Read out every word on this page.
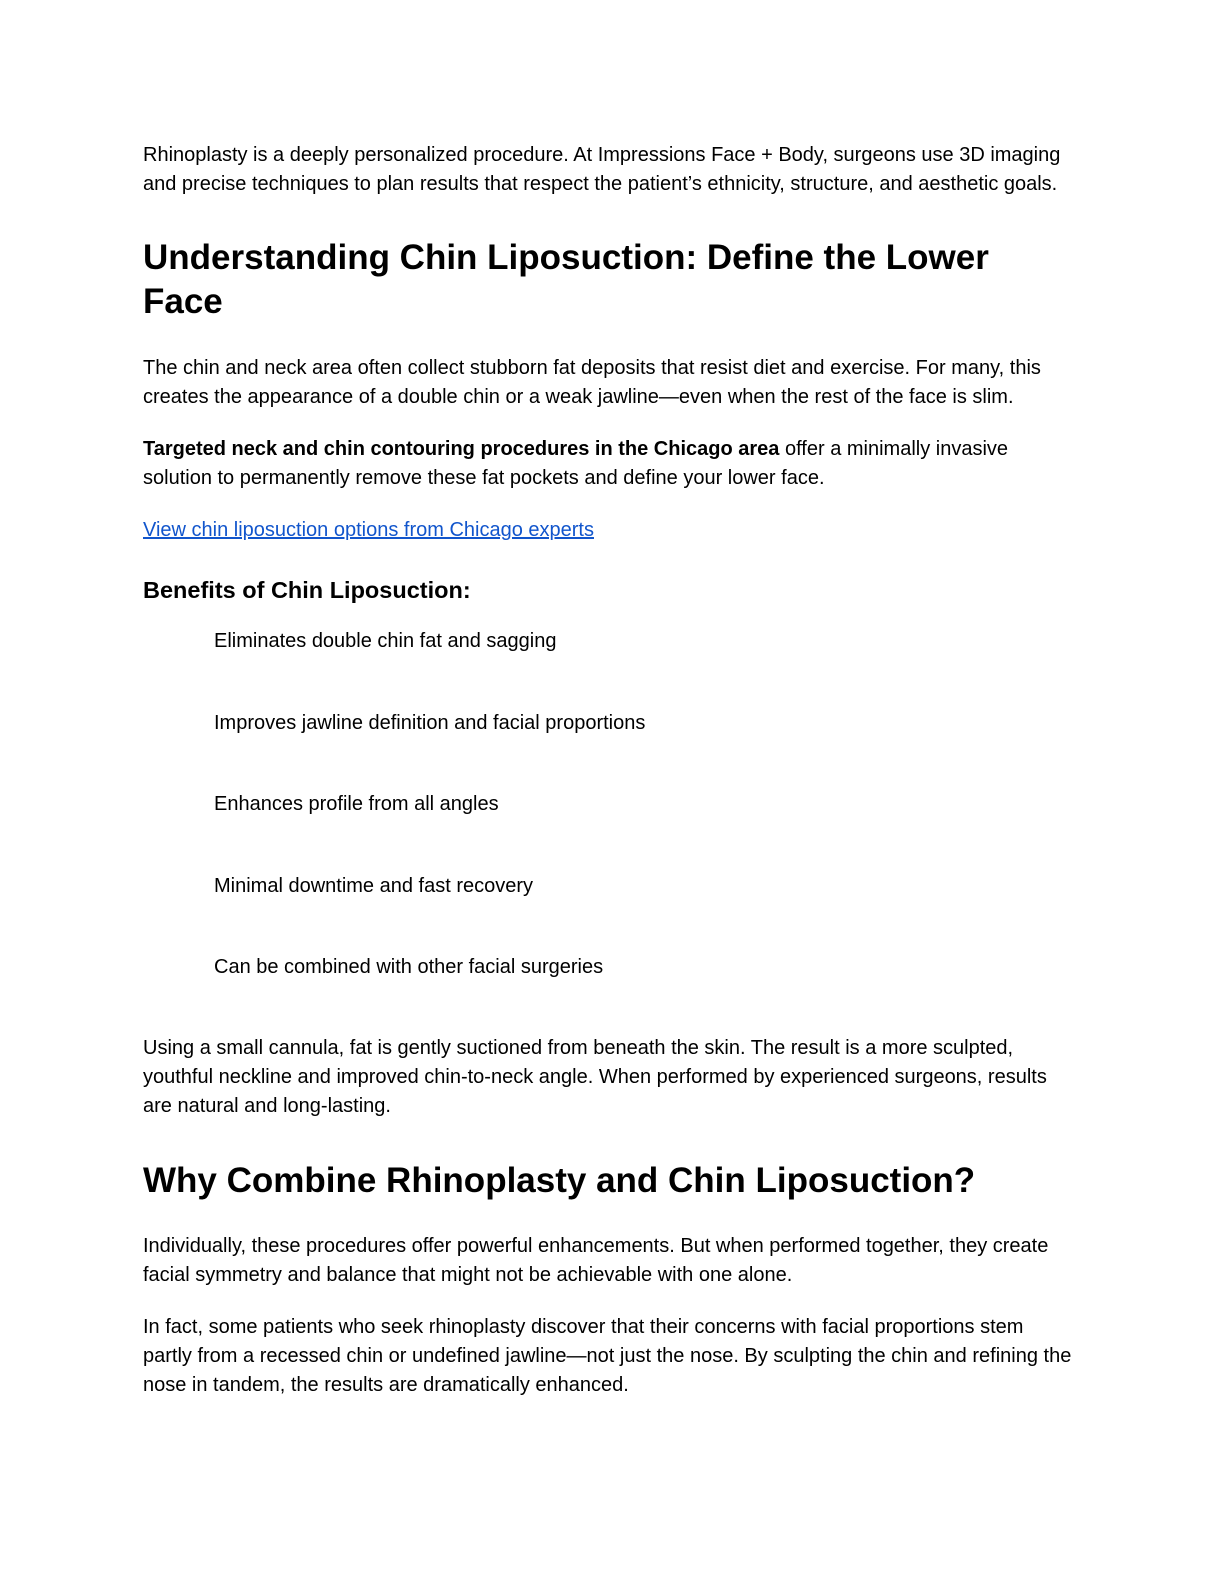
Rhinoplasty is a deeply personalized procedure. At Impressions Face + Body, surgeons use 3D imaging and precise techniques to plan results that respect the patient’s ethnicity, structure, and aesthetic goals.

Understanding Chin Liposuction: Define the Lower Face

The chin and neck area often collect stubborn fat deposits that resist diet and exercise. For many, this creates the appearance of a double chin or a weak jawline—even when the rest of the face is slim.

Targeted neck and chin contouring procedures in the Chicago area offer a minimally invasive solution to permanently remove these fat pockets and define your lower face.

View chin liposuction options from Chicago experts

Benefits of Chin Liposuction:
Eliminates double chin fat and sagging
Improves jawline definition and facial proportions
Enhances profile from all angles
Minimal downtime and fast recovery
Can be combined with other facial surgeries

Using a small cannula, fat is gently suctioned from beneath the skin. The result is a more sculpted, youthful neckline and improved chin-to-neck angle. When performed by experienced surgeons, results are natural and long-lasting.

Why Combine Rhinoplasty and Chin Liposuction?

Individually, these procedures offer powerful enhancements. But when performed together, they create facial symmetry and balance that might not be achievable with one alone.

In fact, some patients who seek rhinoplasty discover that their concerns with facial proportions stem partly from a recessed chin or undefined jawline—not just the nose. By sculpting the chin and refining the nose in tandem, the results are dramatically enhanced.
